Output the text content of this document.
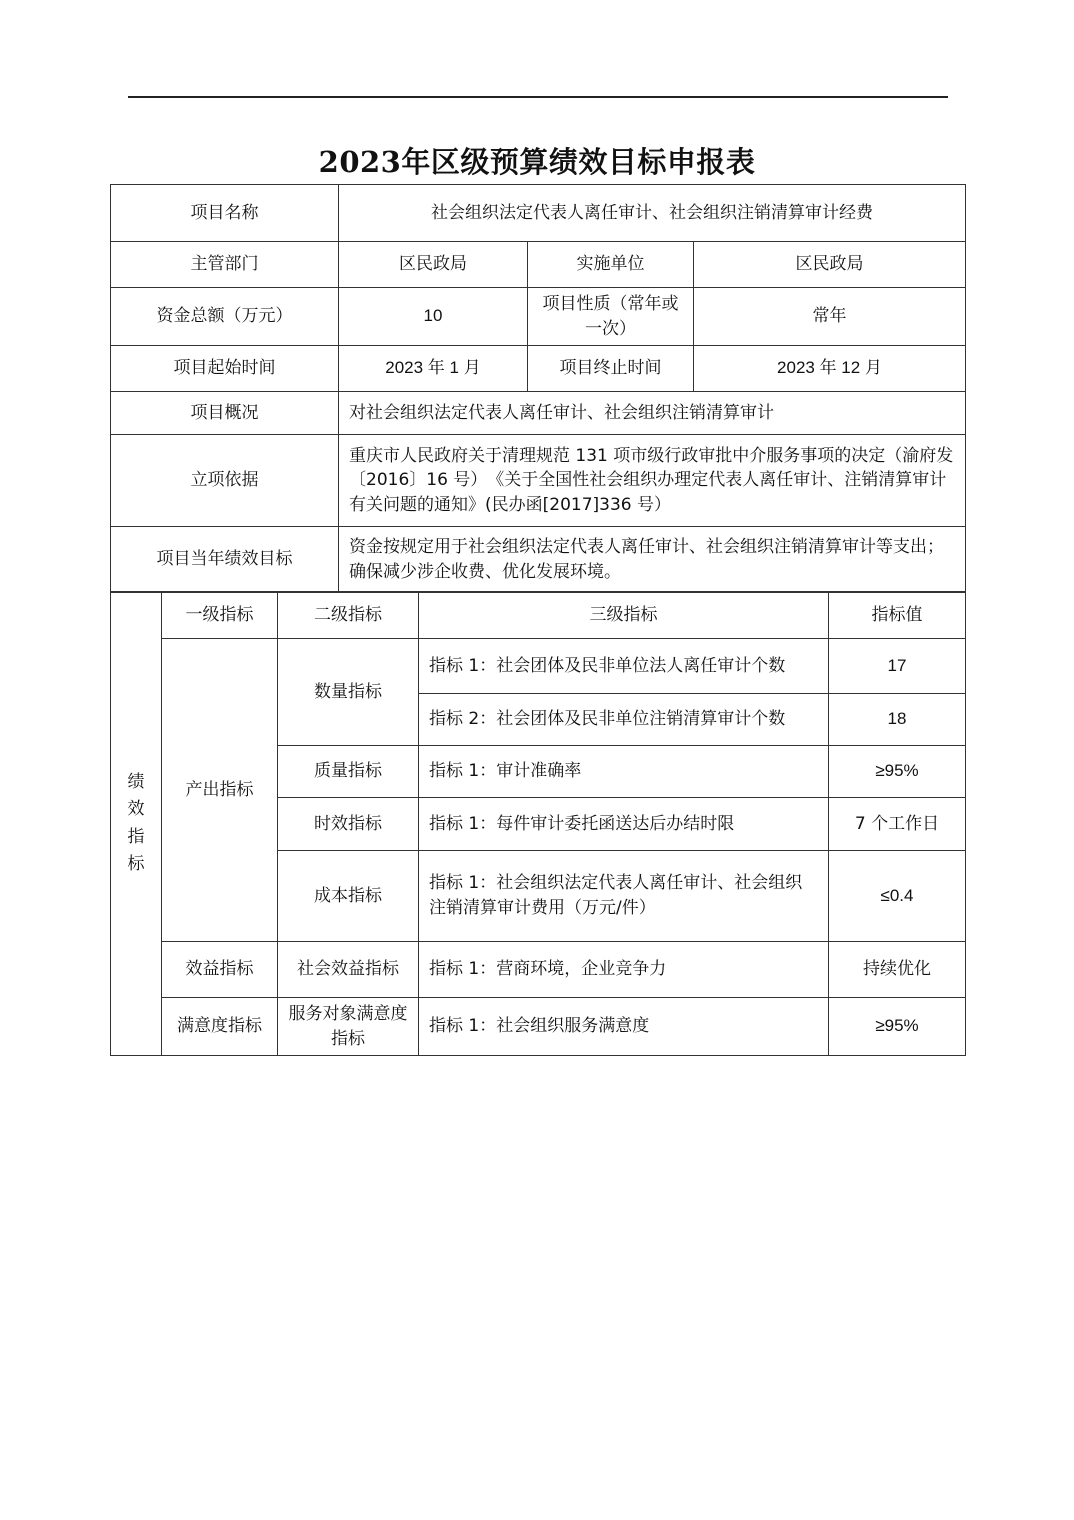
2023年区级预算绩效目标申报表
项目名称	社会组织法定代表人离任审计、社会组织注销清算审计经费		
主管部门	区民政局	实施单位	区民政局
资金总额（万元）	10	项目性质（常年或一次）	常年
项目起始时间	2023 年 1 月	项目终止时间	2023 年 12 月
项目概况	对社会组织法定代表人离任审计、社会组织注销清算审计		
立项依据	重庆市人民政府关于清理规范 131 项市级行政审批中介服务事项的决定（渝府发〔2016〕16 号）　《关于全国性社会组织办理定代表人离任审计、注销清算审计有关问题的通知》(民办函[2017]336 号）		
项目当年绩效目标	资金按规定用于社会组织法定代表人离任审计、社会组织注销清算审计等支出；确保减少涉企收费、优化发展环境。		
绩效指标	一级指标	二级指标	三级指标	指标值
	产出指标	数量指标	指标 1：社会团体及民非单位法人离任审计个数	17
			指标 2：社会团体及民非单位注销清算审计个数	18
		质量指标	指标 1：审计准确率	≥95%
		时效指标	指标 1：每件审计委托函送达后办结时限	7 个工作日
		成本指标	指标 1：社会组织法定代表人离任审计、社会组织注销清算审计费用（万元/件）	≤0.4
	效益指标	社会效益指标	指标 1：营商环境，企业竞争力	持续优化
	满意度指标	服务对象满意度指标	指标 1：社会组织服务满意度	≥95%
